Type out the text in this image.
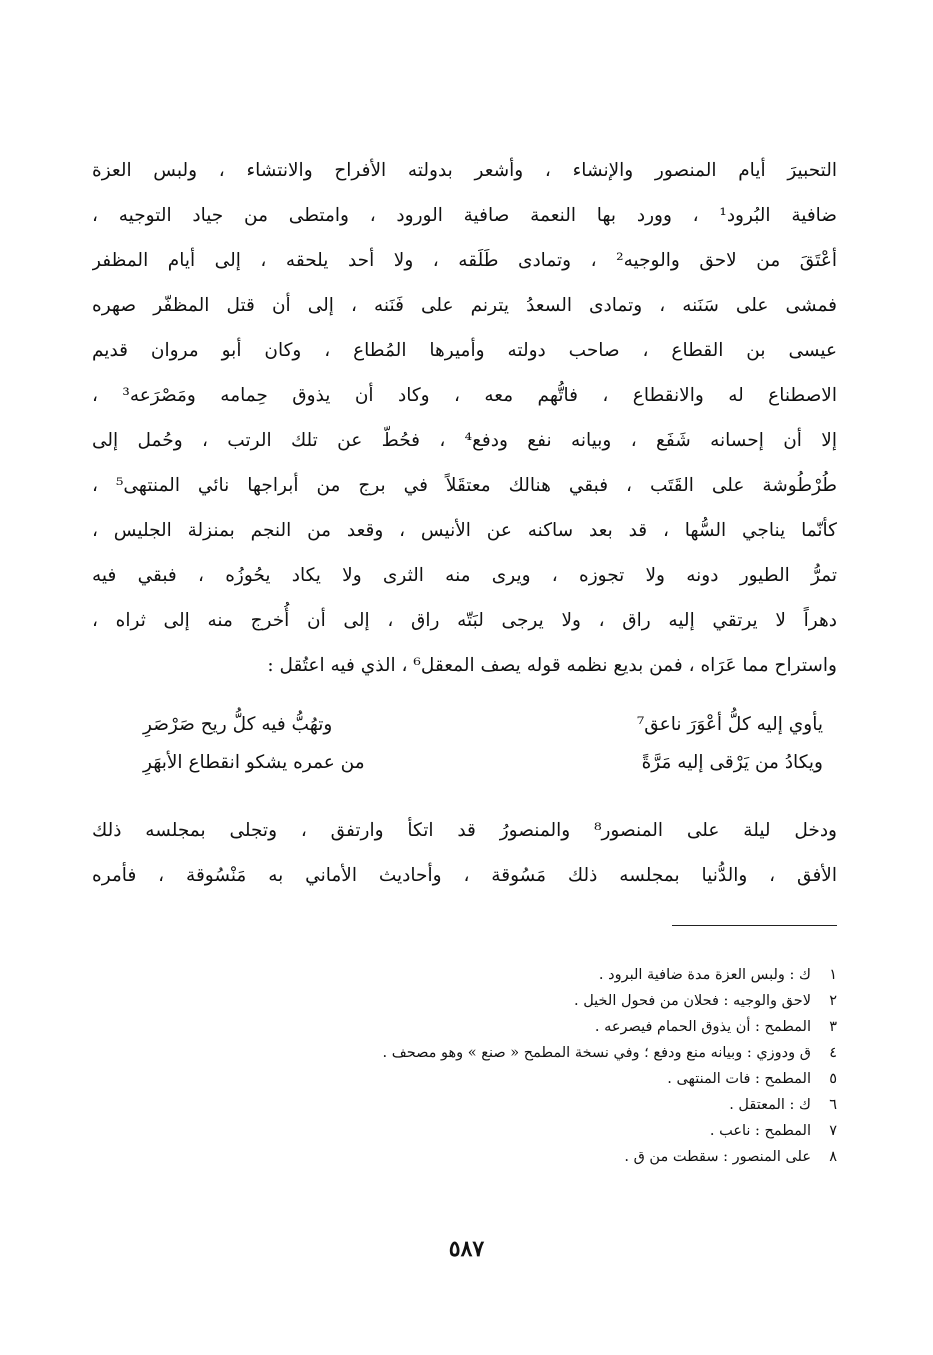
التحبيرَ أيام المنصور والإنشاء ، وأشعر بدولته الأفراح والانتشاء ، ولبس العزة
ضافية البُرود¹ ، وورد بها النعمة صافية الورود ، وامتطى من جياد التوجيه ،
أعْتَقَ من لاحق والوجيه² ، وتمادى طَلَقه ، ولا أحد يلحقه ، إلى أيام المظفر
فمشى على سَنَنه ، وتمادى السعدُ يترنم على فَنَنه ، إلى أن قتل المظفّر صهره
عيسى بن القطاع ، صاحب دولته وأميرها المُطاع ، وكان أبو مروان قديم
الاصطناع له والانقطاع ، فاتُّهم معه ، وكاد أن يذوق حِمامه ومَصْرَعه³ ،
إلا أن إحسانه شَفَع ، وبيانه نفع ودفع⁴ ، فحُطّ عن تلك الرتب ، وحُمل إلى
طُرْطُوشة على القَتَب ، فبقي هنالك معتقَلاً في برج من أبراجها نائي المنتهى⁵ ،
كأنّما يناجي السُّها ، قد بعد ساكنه عن الأنيس ، وقعد من النجم بمنزلة الجليس ،
تمرُّ الطيور دونه ولا تجوزه ، ويرى منه الثرى ولا يكاد يحُوزُه ، فبقي فيه
دهراً لا يرتقي إليه راق ، ولا يرجى لبَتّه راق ، إلى أن أُخرج منه إلى ثراه ،
واستراح مما عَرَاه ، فمن بديع نظمه قوله يصف المعقل⁶ ، الذي فيه اعتُقل :
يأوي إليه كلُّ أعْوَرَ ناعق⁷
وتهُبُّ فيه كلُّ ريح صَرْصَرِ
ويكادُ من يَرْقى إليه مَرَّةً
من عمره يشكو انقطاع الأبهَرِ
ودخل ليلة على المنصور⁸ والمنصورُ قد اتكأ وارتفق ، وتجلى بمجلسه ذلك
الأفق ، والدُّنيا بمجلسه ذلك مَسُوقة ، وأحاديث الأماني به مَنْسُوقة ، فأمره
١ك : ولبس العزة مدة ضافية البرود .
٢لاحق والوجيه : فحلان من فحول الخيل .
٣المطمح : أن يذوق الحمام فيصرعه .
٤ق ودوزي : وبيانه منع ودفع ؛ وفي نسخة المطمح « صنع » وهو مصحف .
٥المطمح : فات المنتهى .
٦ك : المعتقل .
٧المطمح : ناعب .
٨على المنصور : سقطت من ق .
٥٨٧
